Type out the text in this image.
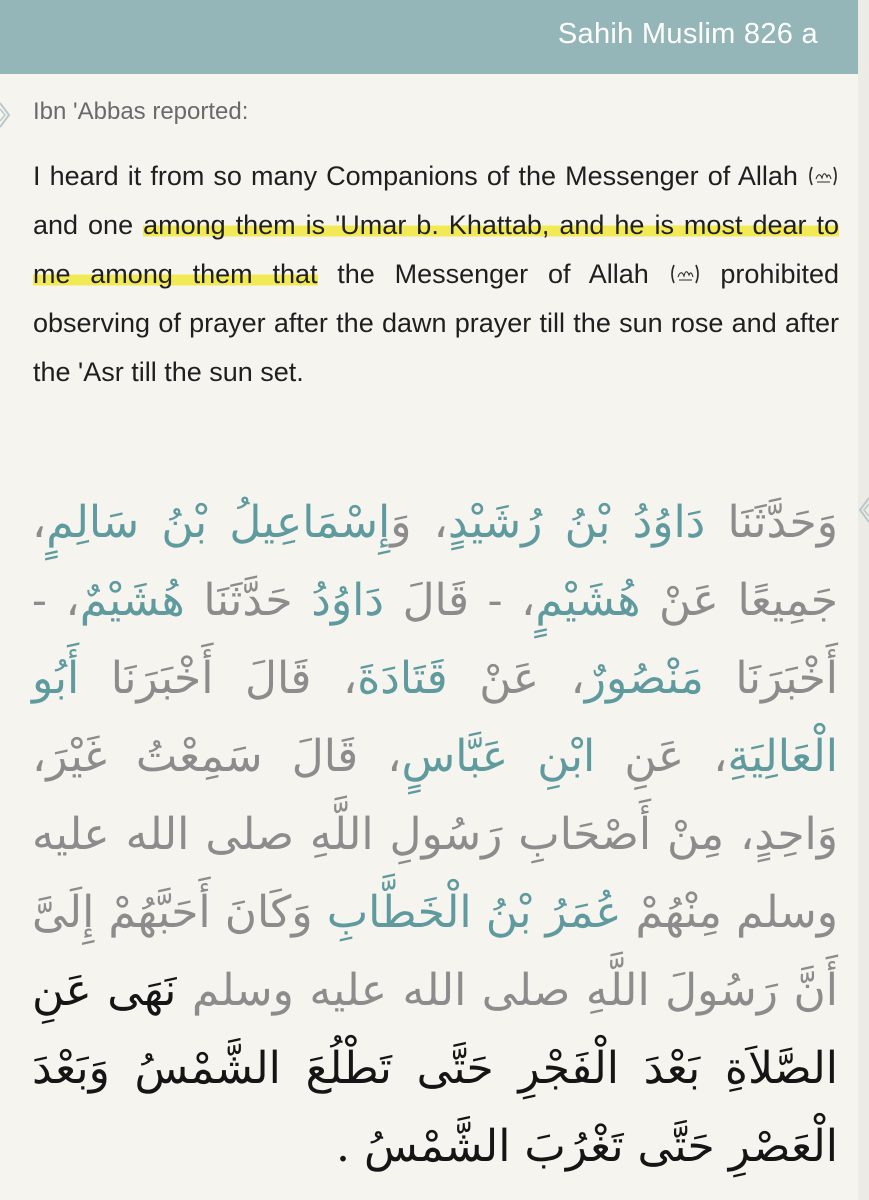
Sahih Muslim 826 a
Ibn 'Abbas reported:
I heard it from so many Companions of the Messenger of Allah  and one among them is 'Umar b. Khattab, and he is most dear to me among them that the Messenger of Allah  prohibited observing of prayer after the dawn prayer till the sun rose and after the 'Asr till the sun set.
وَحَدَّثَنَا دَاوُدُ بْنُ رُشَيْدٍ، وَإِسْمَاعِيلُ بْنُ سَالِمٍ، جَمِيعًا عَنْ هُشَيْمٍ، - قَالَ دَاوُدُ حَدَّثَنَا هُشَيْمٌ، - أَخْبَرَنَا مَنْصُورٌ، عَنْ قَتَادَةَ، قَالَ أَخْبَرَنَا أَبُو الْعَالِيَةِ، عَنِ ابْنِ عَبَّاسٍ، قَالَ سَمِعْتُ غَيْرَ، وَاحِدٍ، مِنْ أَصْحَابِ رَسُولِ اللَّهِ صلى الله عليه وسلم مِنْهُمْ عُمَرُ بْنُ الْخَطَّابِ وَكَانَ أَحَبَّهُمْ إِلَىَّ أَنَّ رَسُولَ اللَّهِ صلى الله عليه وسلم نَهَى عَنِ الصَّلاَةِ بَعْدَ الْفَجْرِ حَتَّى تَطْلُعَ الشَّمْسُ وَبَعْدَ الْعَصْرِ حَتَّى تَغْرُبَ الشَّمْسُ .
